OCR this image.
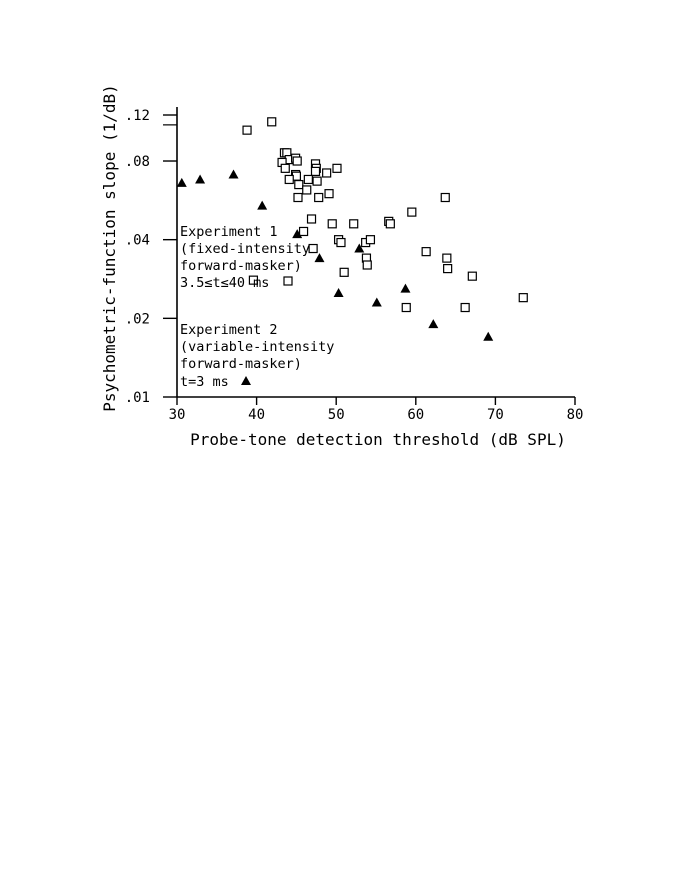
30	40	50	60	70	80
.01
.02
.04
.08
.12
Probe-tone detection threshold (dB SPL)
Psychometric-function slope (1/dB)	Experiment 1
(fixed-intensity
forward-masker)
3.5≤t≤40 ms
Experiment 2
(variable-intensity
forward-masker)
t=3 ms
